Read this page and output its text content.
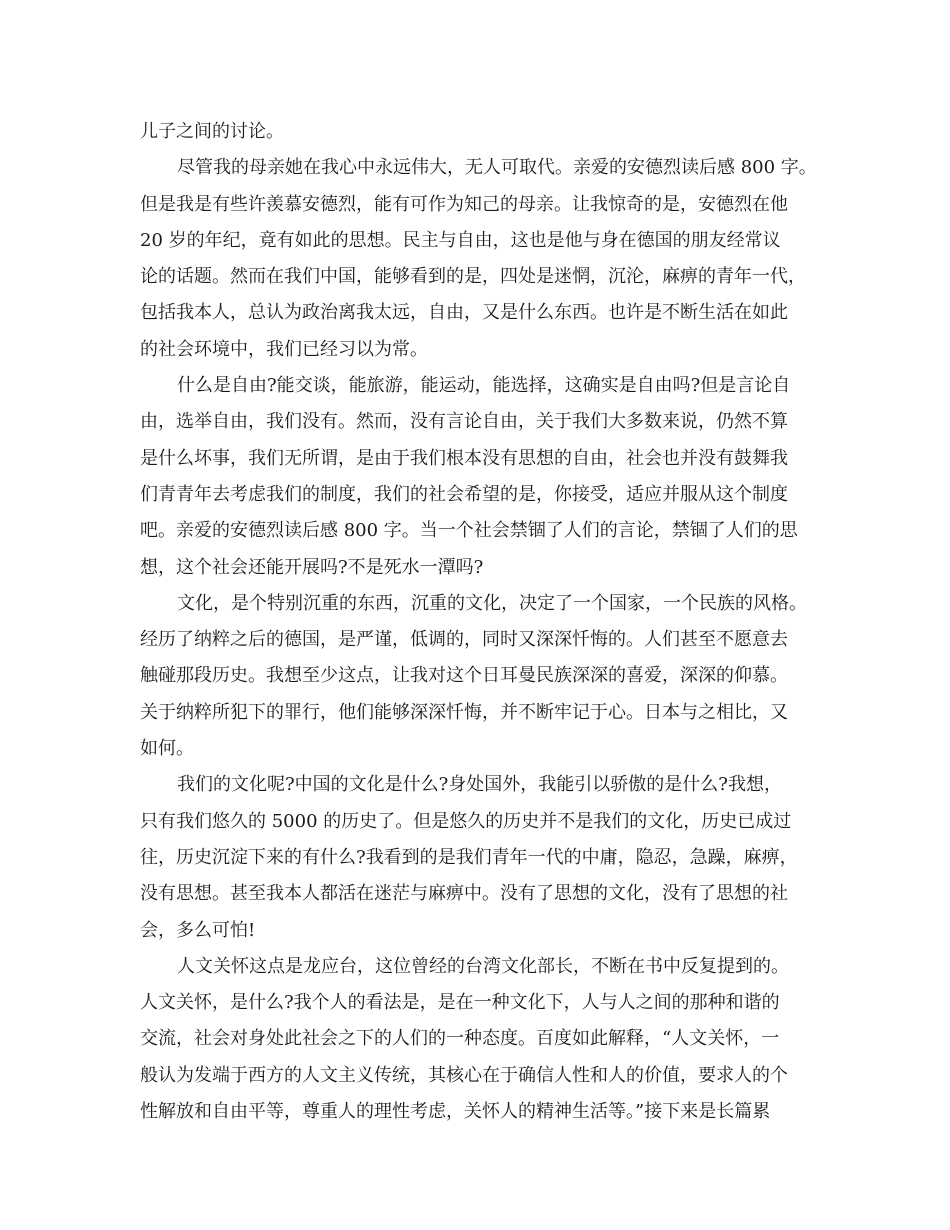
儿子之间的讨论。
尽管我的母亲她在我心中永远伟大，无人可取代。亲爱的安德烈读后感 800 字。
但是我是有些许羡慕安德烈，能有可作为知己的母亲。让我惊奇的是，安德烈在他
20 岁的年纪，竟有如此的思想。民主与自由，这也是他与身在德国的朋友经常议
论的话题。然而在我们中国，能够看到的是，四处是迷惘，沉沦，麻痹的青年一代，
包括我本人，总认为政治离我太远，自由，又是什么东西。也许是不断生活在如此
的社会环境中，我们已经习以为常。
什么是自由?能交谈，能旅游，能运动，能选择，这确实是自由吗?但是言论自
由，选举自由，我们没有。然而，没有言论自由，关于我们大多数来说，仍然不算
是什么坏事，我们无所谓，是由于我们根本没有思想的自由，社会也并没有鼓舞我
们青青年去考虑我们的制度，我们的社会希望的是，你接受，适应并服从这个制度
吧。亲爱的安德烈读后感 800 字。当一个社会禁锢了人们的言论，禁锢了人们的思
想，这个社会还能开展吗?不是死水一潭吗?
文化，是个特别沉重的东西，沉重的文化，决定了一个国家，一个民族的风格。
经历了纳粹之后的德国，是严谨，低调的，同时又深深忏悔的。人们甚至不愿意去
触碰那段历史。我想至少这点，让我对这个日耳曼民族深深的喜爱，深深的仰慕。
关于纳粹所犯下的罪行，他们能够深深忏悔，并不断牢记于心。日本与之相比，又
如何。
我们的文化呢?中国的文化是什么?身处国外，我能引以骄傲的是什么?我想，
只有我们悠久的 5000 的历史了。但是悠久的历史并不是我们的文化，历史已成过
往，历史沉淀下来的有什么?我看到的是我们青年一代的中庸，隐忍，急躁，麻痹，
没有思想。甚至我本人都活在迷茫与麻痹中。没有了思想的文化，没有了思想的社
会，多么可怕!
人文关怀这点是龙应台，这位曾经的台湾文化部长，不断在书中反复提到的。
人文关怀，是什么?我个人的看法是，是在一种文化下，人与人之间的那种和谐的
交流，社会对身处此社会之下的人们的一种态度。百度如此解释，“人文关怀，一
般认为发端于西方的人文主义传统，其核心在于确信人性和人的价值，要求人的个
性解放和自由平等，尊重人的理性考虑，关怀人的精神生活等。”接下来是长篇累
